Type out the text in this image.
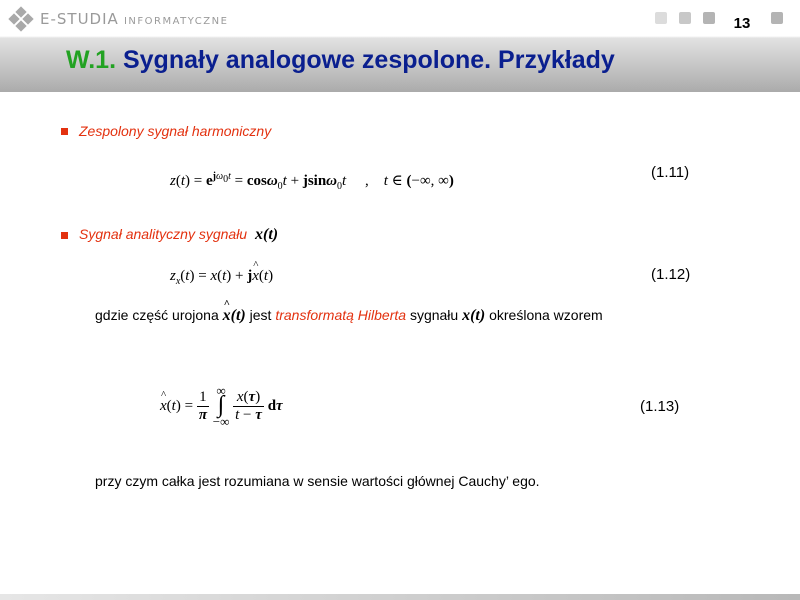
E-STUDIA INFORMATYCZNE	13
W.1. Sygnały analogowe zespolone. Przykłady
Zespolony sygnał harmoniczny
$z(t) = e^{j\omega_0t} = \cos\omega_0t + jsin\omega_0t$     ,    t ∈ (−∞, ∞)	(1.11)
Sygnał analityczny sygnału  x(t)
$z_x(t) = x(t)$ + j^ x(t)	(1.12)
gdzie część urojona ^ x(t) jest transformatą Hilberta sygnału x(t) określona wzorem
^ $x(t) = \frac{1}{\pi}$ ∞
∫
−∞ $\frac{x(\tau)}{t - \tau}$ dτ	(1.13)
przy czym całka jest rozumiana w sensie wartości głównej Cauchy’ ego.
